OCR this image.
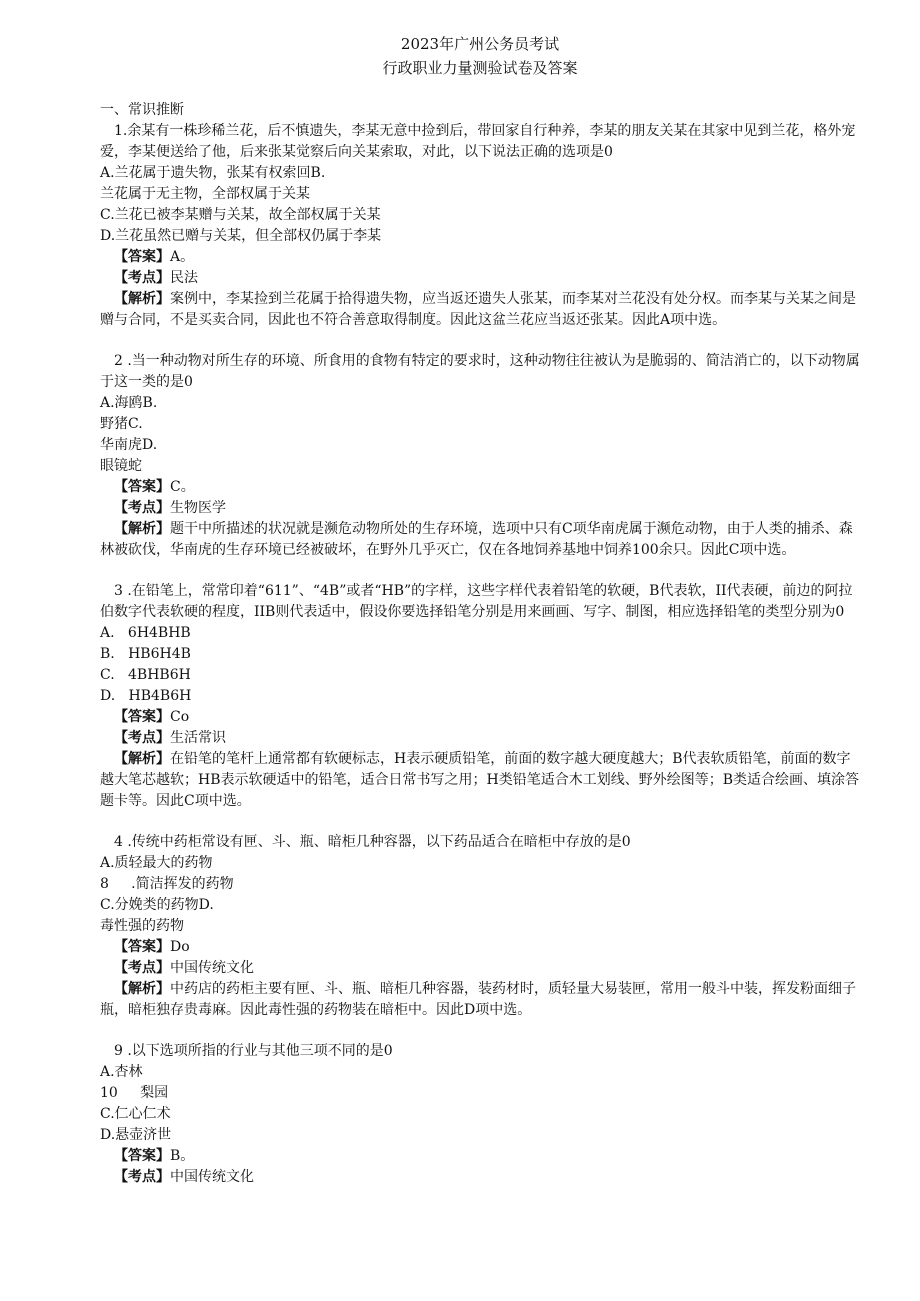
2023年广州公务员考试
行政职业力量测验试卷及答案
一、常识推断
1.余某有一株珍稀兰花，后不慎遗失，李某无意中捡到后，带回家自行种养，李某的朋友关某在其家中见到兰花，格外宠爱，李某便送给了他，后来张某觉察后向关某索取，对此，以下说法正确的选项是0
A.兰花属于遗失物，张某有权索回B.
兰花属于无主物，全部权属于关某
C.兰花已被李某赠与关某，故全部权属于关某
D.兰花虽然已赠与关某，但全部权仍属于李某
【答案】A。
【考点】民法
【解析】案例中，李某捡到兰花属于拾得遗失物，应当返还遗失人张某，而李某对兰花没有处分权。而李某与关某之间是赠与合同，不是买卖合同，因此也不符合善意取得制度。因此这盆兰花应当返还张某。因此A项中选。
2 .当一种动物对所生存的环境、所食用的食物有特定的要求时，这种动物往往被认为是脆弱的、简洁消亡的，以下动物属于这一类的是0
A.海鸥B.
野猪C.
华南虎D.
眼镜蛇
【答案】C。
【考点】生物医学
【解析】题干中所描述的状况就是濒危动物所处的生存环境，选项中只有C项华南虎属于濒危动物，由于人类的捕杀、森林被砍伐，华南虎的生存环境已经被破坏，在野外几乎灭亡，仅在各地饲养基地中饲养100余只。因此C项中选。
3 .在铅笔上，常常印着“611”、“4B”或者“HB”的字样，这些字样代表着铅笔的软硬，B代表软，II代表硬，前边的阿拉伯数字代表软硬的程度，IIB则代表适中，假设你要选择铅笔分别是用来画画、写字、制图，相应选择铅笔的类型分别为0
A.   6H4BHB
B.   HB6H4B
C.   4BHB6H
D.   HB4B6H
【答案】Co
【考点】生活常识
【解析】在铅笔的笔杆上通常都有软硬标志，H表示硬质铅笔，前面的数字越大硬度越大；B代表软质铅笔，前面的数字越大笔芯越软；HB表示软硬适中的铅笔，适合日常书写之用；H类铅笔适合木工划线、野外绘图等；B类适合绘画、填涂答题卡等。因此C项中选。
4 .传统中药柜常设有匣、斗、瓶、暗柜几种容器，以下药品适合在暗柜中存放的是0
A.质轻最大的药物
8     .简洁挥发的药物
C.分娩类的药物D.
毒性强的药物
【答案】Do
【考点】中国传统文化
【解析】中药店的药柜主要有匣、斗、瓶、暗柜几种容器，装药材时，质轻量大易装匣，常用一般斗中装，挥发粉面细子瓶，暗柜独存贵毒麻。因此毒性强的药物装在暗柜中。因此D项中选。
9 .以下选项所指的行业与其他三项不同的是0
A.杏林
10     梨园
C.仁心仁术
D.悬壶济世
【答案】B。
【考点】中国传统文化
